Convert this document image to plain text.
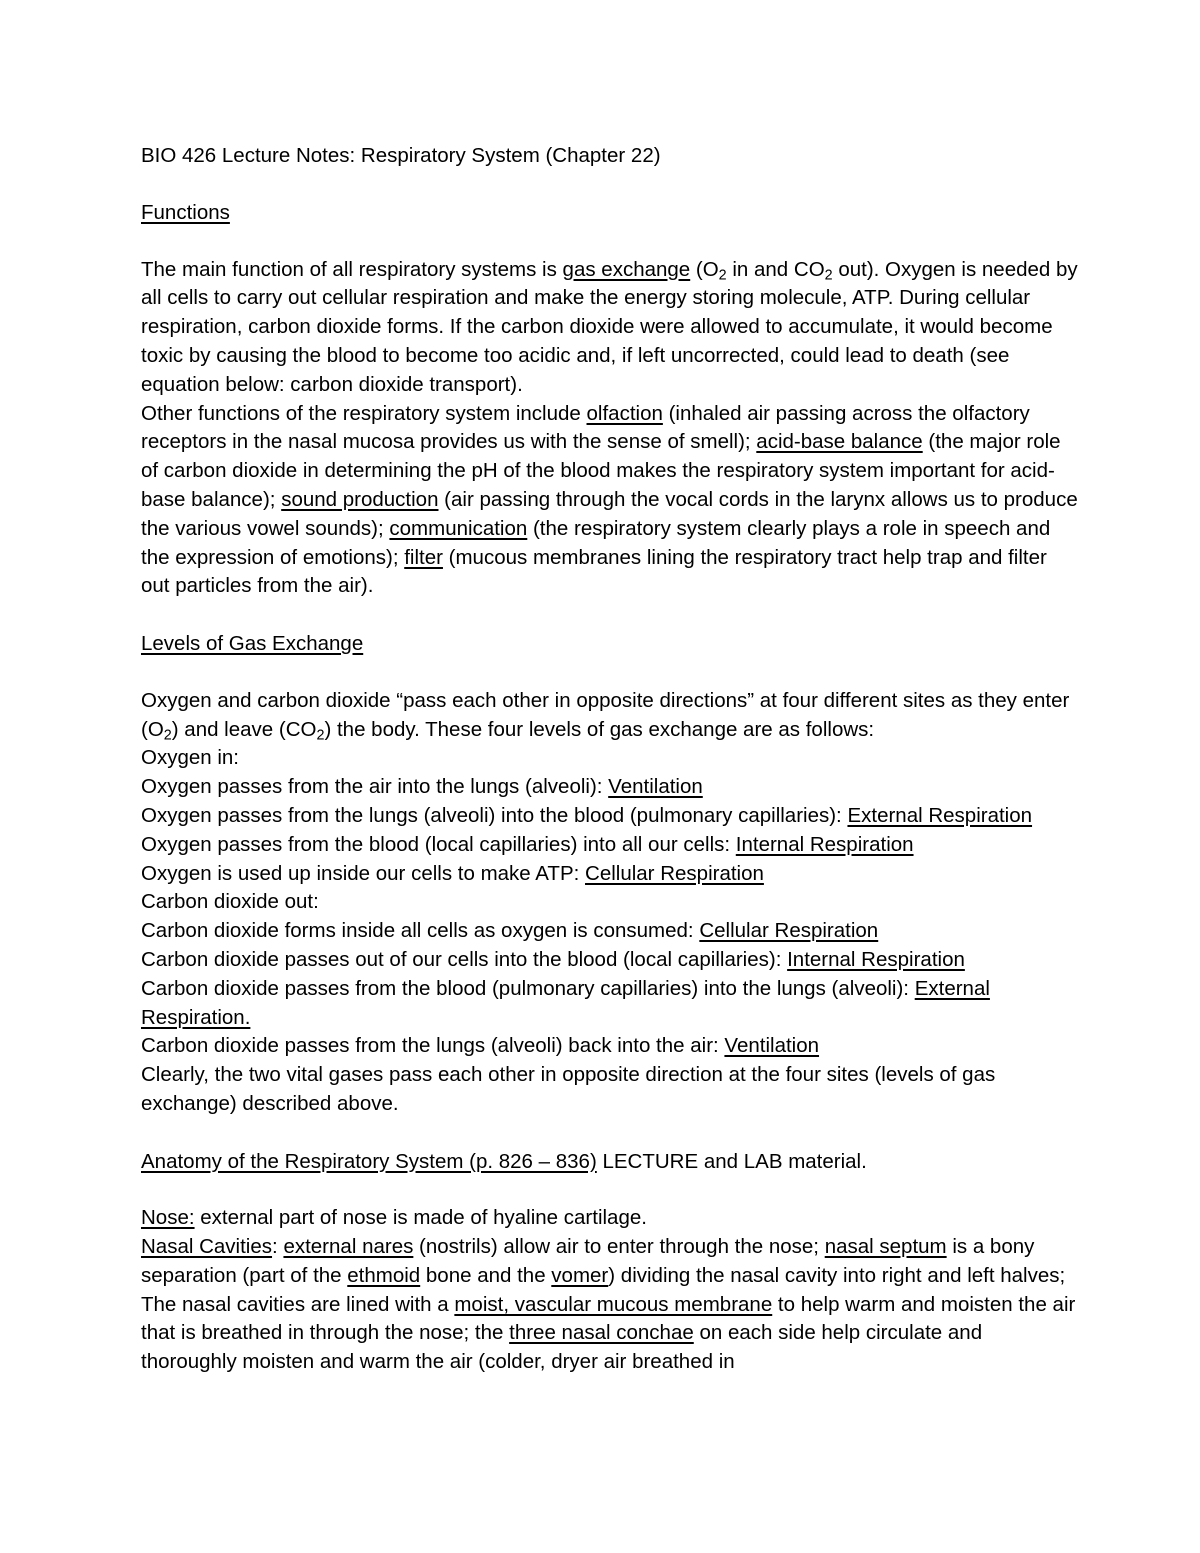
BIO 426 Lecture Notes: Respiratory System (Chapter 22)

Functions

The main function of all respiratory systems is gas exchange ($O_2$ in and $CO_2$ out). Oxygen is needed by all cells to carry out cellular respiration and make the energy storing molecule, ATP. During cellular respiration, carbon dioxide forms. If the carbon dioxide were allowed to accumulate, it would become toxic by causing the blood to become too acidic and, if left uncorrected, could lead to death (see equation below: carbon dioxide transport).

Other functions of the respiratory system include olfaction (inhaled air passing across the olfactory receptors in the nasal mucosa provides us with the sense of smell); acid-base balance (the major role of carbon dioxide in determining the pH of the blood makes the respiratory system important for acid-base balance); sound production (air passing through the vocal cords in the larynx allows us to produce the various vowel sounds); communication (the respiratory system clearly plays a role in speech and the expression of emotions); filter (mucous membranes lining the respiratory tract help trap and filter out particles from the air).

Levels of Gas Exchange

Oxygen and carbon dioxide “pass each other in opposite directions” at four different sites as they enter $(O_2)$ and leave $(CO_2)$ the body. These four levels of gas exchange are as follows:

Oxygen in:

Oxygen passes from the air into the lungs (alveoli): Ventilation

Oxygen passes from the lungs (alveoli) into the blood (pulmonary capillaries): External Respiration

Oxygen passes from the blood (local capillaries) into all our cells: Internal Respiration

Oxygen is used up inside our cells to make ATP: Cellular Respiration

Carbon dioxide out:

Carbon dioxide forms inside all cells as oxygen is consumed: Cellular Respiration

Carbon dioxide passes out of our cells into the blood (local capillaries): Internal Respiration

Carbon dioxide passes from the blood (pulmonary capillaries) into the lungs (alveoli): External Respiration.

Carbon dioxide passes from the lungs (alveoli) back into the air: Ventilation

Clearly, the two vital gases pass each other in opposite direction at the four sites (levels of gas exchange) described above.

Anatomy of the Respiratory System (p. 826 – 836) LECTURE and LAB material.

Nose: external part of nose is made of hyaline cartilage.

Nasal Cavities: external nares (nostrils) allow air to enter through the nose; nasal septum is a bony separation (part of the ethmoid bone and the vomer) dividing the nasal cavity into right and left halves; The nasal cavities are lined with a moist, vascular mucous membrane to help warm and moisten the air that is breathed in through the nose; the three nasal conchae on each side help circulate and thoroughly moisten and warm the air (colder, dryer air breathed in
